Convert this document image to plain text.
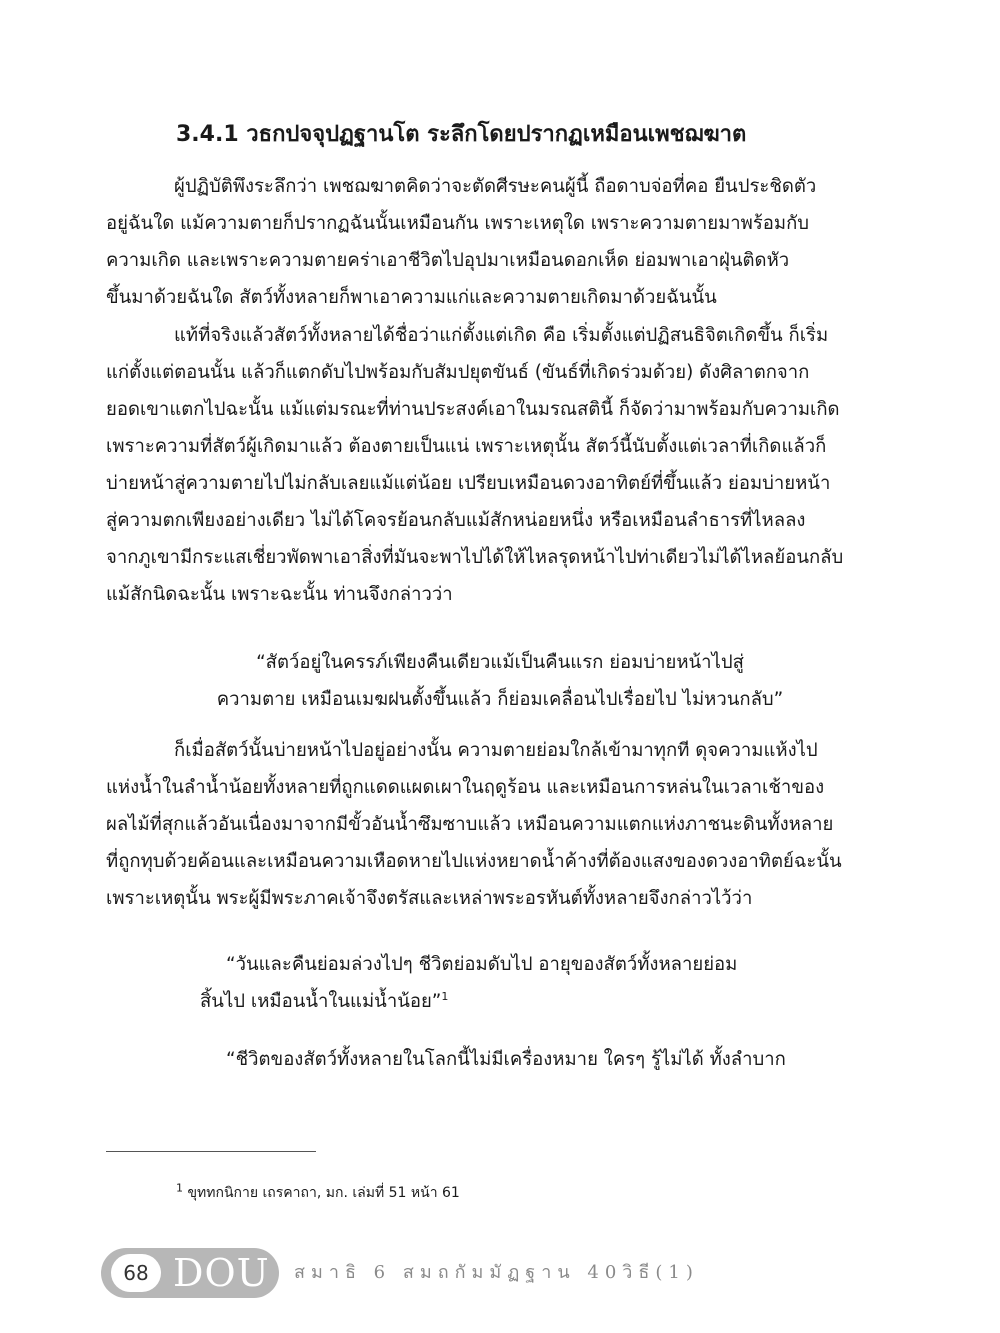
3.4.1 วธกปจจุปฏฐานโต ระลึกโดยปรากฏเหมือนเพชฌฆาต
ผู้ปฏิบัติพึงระลึกว่า เพชฌฆาตคิดว่าจะตัดศีรษะคนผู้นี้ ถือดาบจ่อที่คอ ยืนประชิดตัว
อยู่ฉันใด แม้ความตายก็ปรากฏฉันนั้นเหมือนกัน เพราะเหตุใด เพราะความตายมาพร้อมกับ
ความเกิด และเพราะความตายคร่าเอาชีวิตไปอุปมาเหมือนดอกเห็ด ย่อมพาเอาฝุ่นติดหัว
ขึ้นมาด้วยฉันใด สัตว์ทั้งหลายก็พาเอาความแก่และความตายเกิดมาด้วยฉันนั้น
แท้ที่จริงแล้วสัตว์ทั้งหลายได้ชื่อว่าแก่ตั้งแต่เกิด คือ เริ่มตั้งแต่ปฏิสนธิจิตเกิดขึ้น ก็เริ่ม
แก่ตั้งแต่ตอนนั้น แล้วก็แตกดับไปพร้อมกับสัมปยุตขันธ์ (ขันธ์ที่เกิดร่วมด้วย) ดังศิลาตกจาก
ยอดเขาแตกไปฉะนั้น แม้แต่มรณะที่ท่านประสงค์เอาในมรณสตินี้ ก็จัดว่ามาพร้อมกับความเกิด
เพราะความที่สัตว์ผู้เกิดมาแล้ว ต้องตายเป็นแน่ เพราะเหตุนั้น สัตว์นี้นับตั้งแต่เวลาที่เกิดแล้วก็
บ่ายหน้าสู่ความตายไปไม่กลับเลยแม้แต่น้อย เปรียบเหมือนดวงอาทิตย์ที่ขึ้นแล้ว ย่อมบ่ายหน้า
สู่ความตกเพียงอย่างเดียว ไม่ได้โคจรย้อนกลับแม้สักหน่อยหนึ่ง หรือเหมือนลำธารที่ไหลลง
จากภูเขามีกระแสเชี่ยวพัดพาเอาสิ่งที่มันจะพาไปได้ให้ไหลรุดหน้าไปท่าเดียวไม่ได้ไหลย้อนกลับ
แม้สักนิดฉะนั้น เพราะฉะนั้น ท่านจึงกล่าวว่า
“สัตว์อยู่ในครรภ์เพียงคืนเดียวแม้เป็นคืนแรก ย่อมบ่ายหน้าไปสู่
ความตาย เหมือนเมฆฝนตั้งขึ้นแล้ว ก็ย่อมเคลื่อนไปเรื่อยไป ไม่หวนกลับ”
ก็เมื่อสัตว์นั้นบ่ายหน้าไปอยู่อย่างนั้น ความตายย่อมใกล้เข้ามาทุกที ดุจความแห้งไป
แห่งน้ำในลำน้ำน้อยทั้งหลายที่ถูกแดดแผดเผาในฤดูร้อน และเหมือนการหล่นในเวลาเช้าของ
ผลไม้ที่สุกแล้วอันเนื่องมาจากมีขั้วอันน้ำซึมซาบแล้ว เหมือนความแตกแห่งภาชนะดินทั้งหลาย
ที่ถูกทุบด้วยค้อนและเหมือนความเหือดหายไปแห่งหยาดน้ำค้างที่ต้องแสงของดวงอาทิตย์ฉะนั้น
เพราะเหตุนั้น พระผู้มีพระภาคเจ้าจึงตรัสและเหล่าพระอรหันต์ทั้งหลายจึงกล่าวไว้ว่า
“วันและคืนย่อมล่วงไปๆ ชีวิตย่อมดับไป อายุของสัตว์ทั้งหลายย่อม
สิ้นไป เหมือนน้ำในแม่น้ำน้อย”$^1$
“ชีวิตของสัตว์ทั้งหลายในโลกนี้ไม่มีเครื่องหมาย ใครๆ รู้ไม่ได้ ทั้งลำบาก
$^1$ ขุททกนิกาย เถรคาถา, มก. เล่มที่ 51 หน้า 61
68 DOU สมาธิ 6 สมถกัมมัฏฐาน 40วิธี(1)
